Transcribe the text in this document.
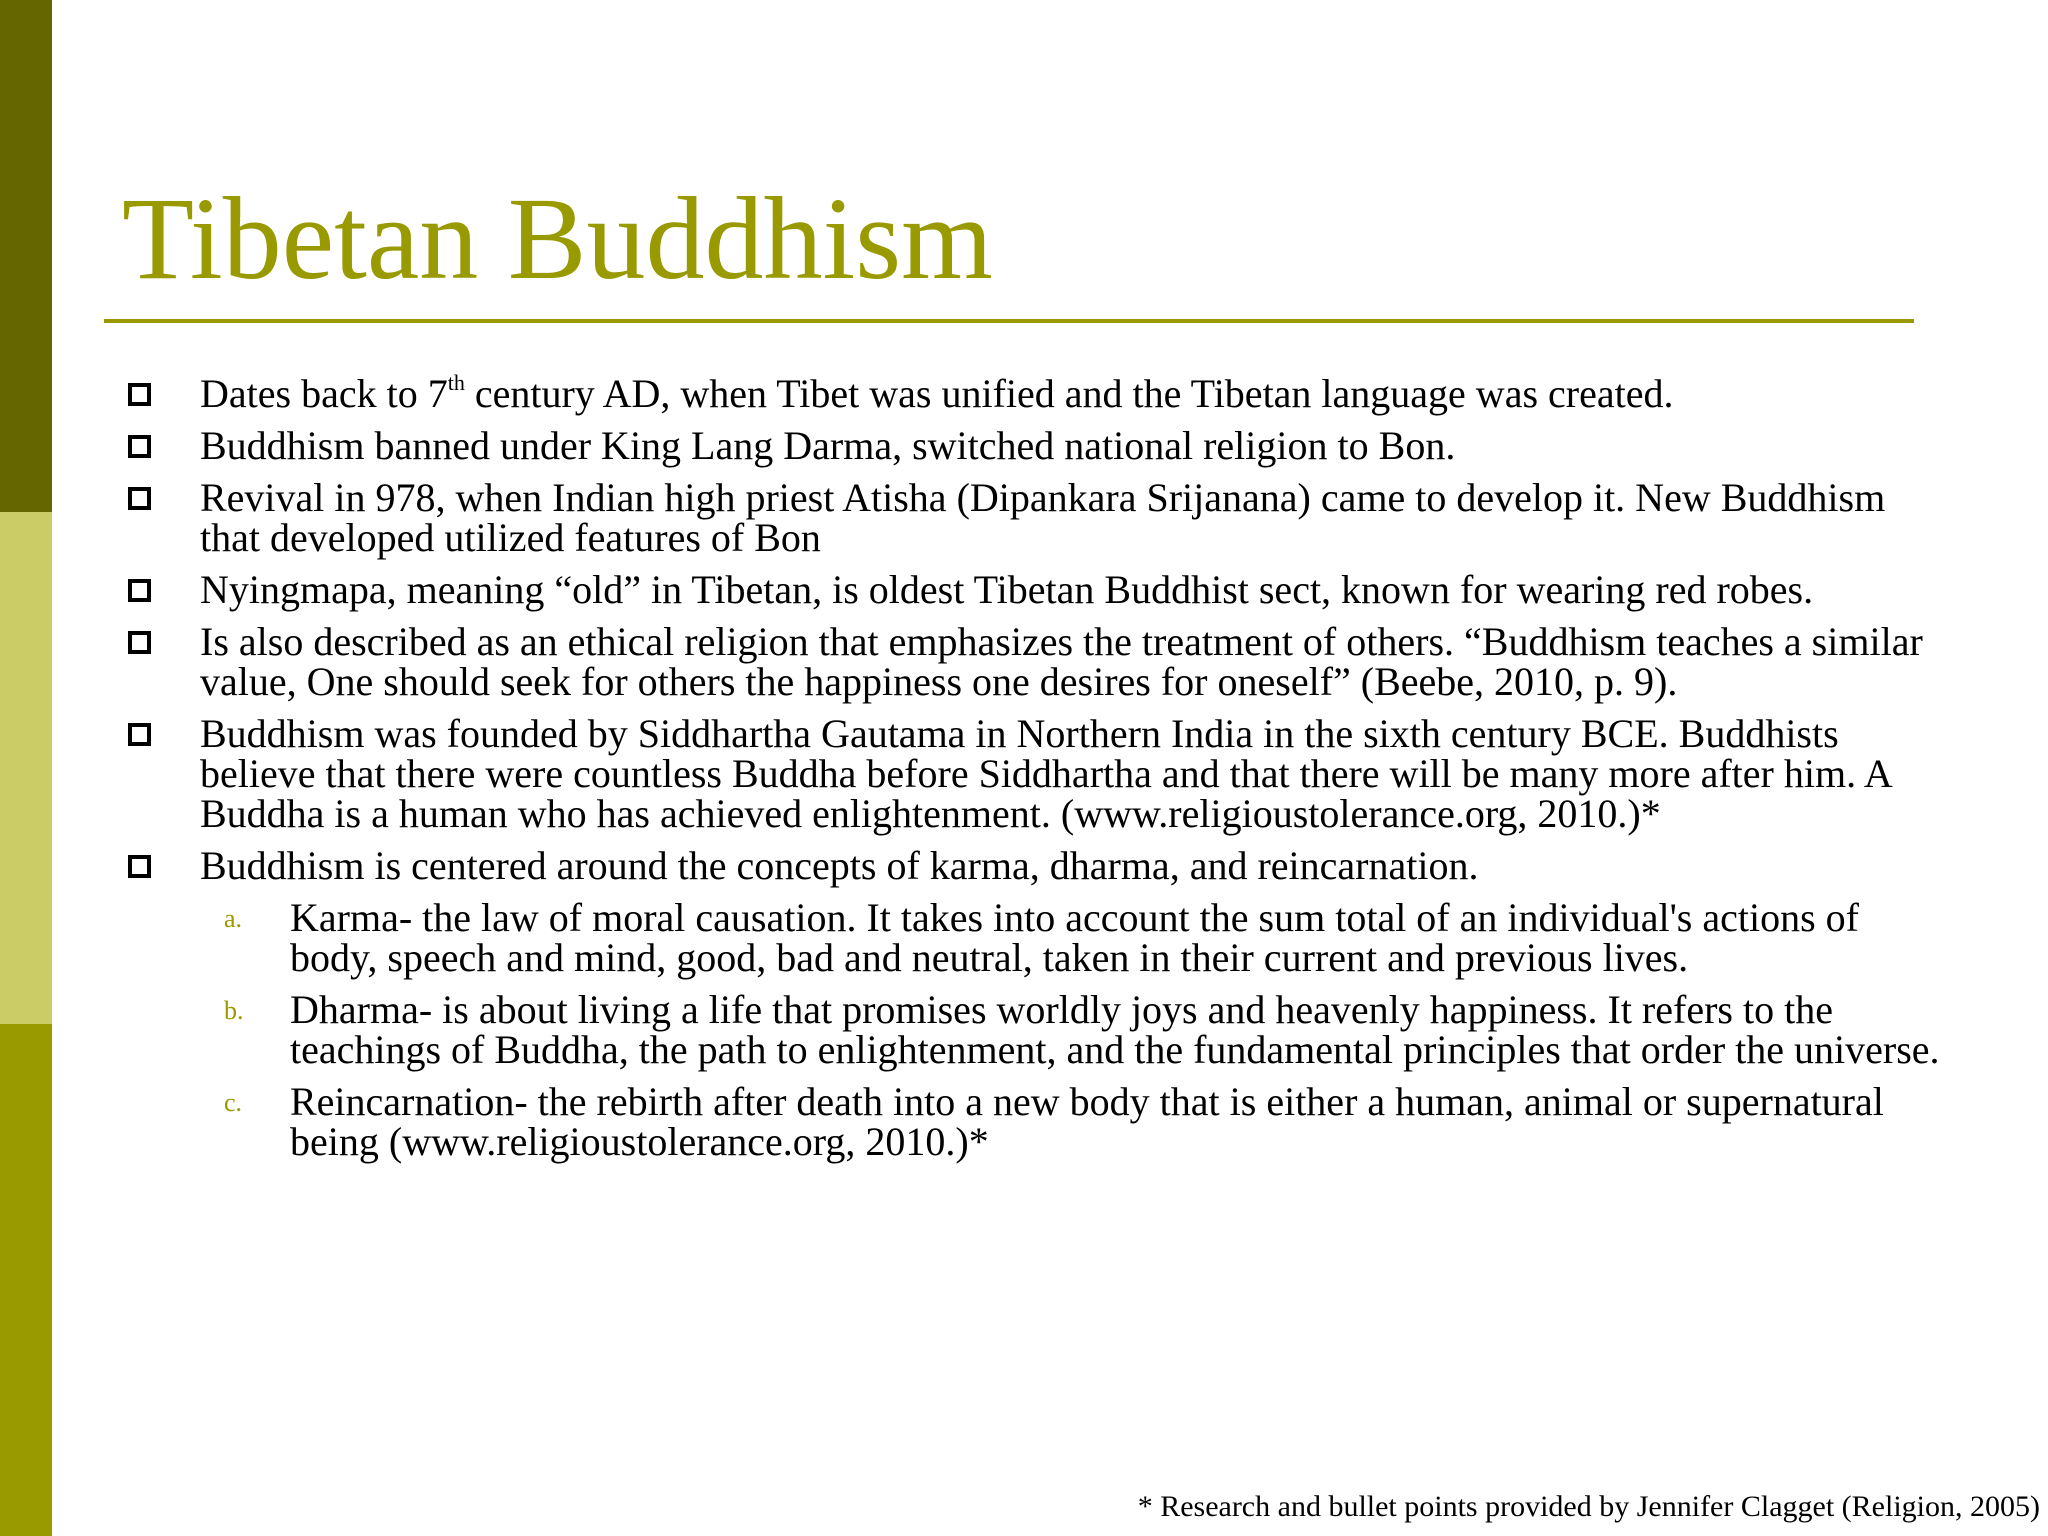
Tibetan Buddhism
Dates back to 7th century AD, when Tibet was unified and the Tibetan language was created.
Buddhism banned under King Lang Darma, switched national religion to Bon.
Revival in 978, when Indian high priest Atisha (Dipankara Srijanana) came to develop it. New Buddhism that developed utilized features of Bon
Nyingmapa, meaning “old” in Tibetan, is oldest Tibetan Buddhist sect, known for wearing red robes.
Is also described as an ethical religion that emphasizes the treatment of others. “Buddhism teaches a similar value, One should seek for others the happiness one desires for oneself” (Beebe, 2010, p. 9).
Buddhism was founded by Siddhartha Gautama in Northern India in the sixth century BCE. Buddhists believe that there were countless Buddha before Siddhartha and that there will be many more after him. A Buddha is a human who has achieved enlightenment. (www.religioustolerance.org, 2010.)*
Buddhism is centered around the concepts of karma, dharma, and reincarnation.
a. Karma- the law of moral causation. It takes into account the sum total of an individual's actions of body, speech and mind, good, bad and neutral, taken in their current and previous lives.
b. Dharma- is about living a life that promises worldly joys and heavenly happiness. It refers to the teachings of Buddha, the path to enlightenment, and the fundamental principles that order the universe.
c. Reincarnation- the rebirth after death into a new body that is either a human, animal or supernatural being (www.religioustolerance.org, 2010.)*
* Research and bullet points provided by Jennifer Clagget (Religion, 2005)
